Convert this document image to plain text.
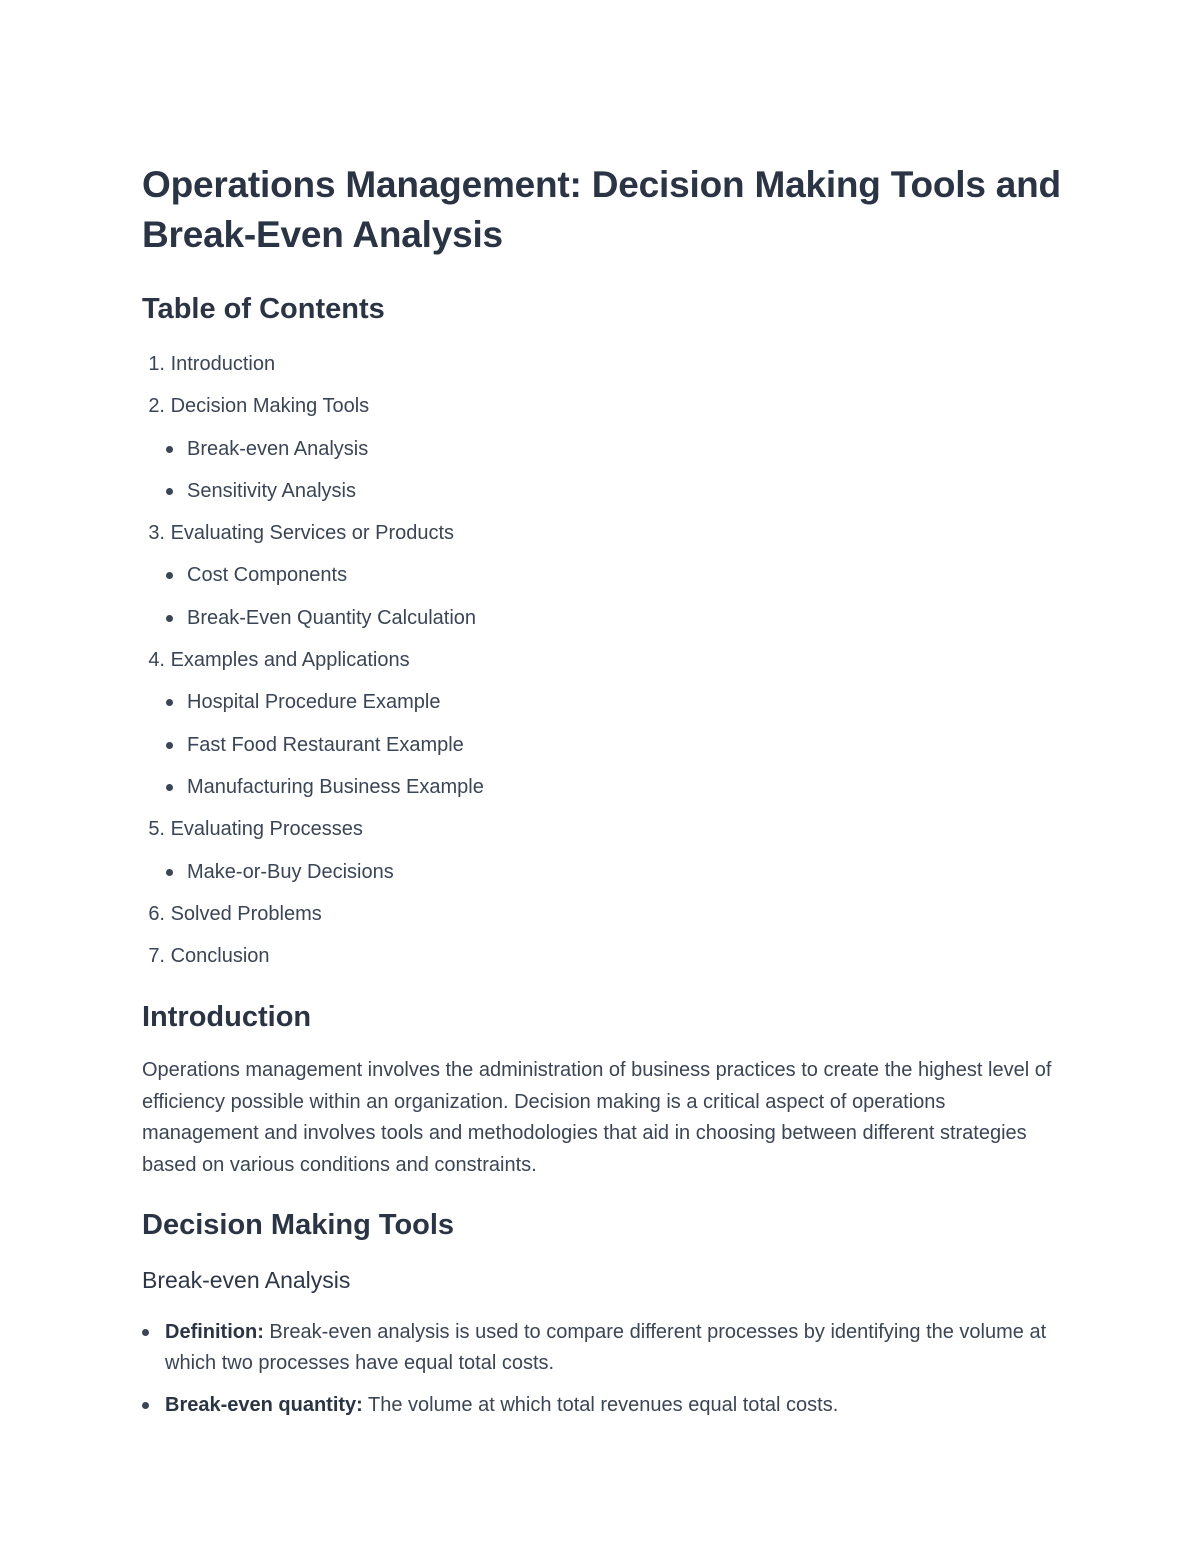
Operations Management: Decision Making Tools and Break-Even Analysis
Table of Contents
1.
Introduction
2.
Decision Making Tools
Break-even Analysis
Sensitivity Analysis
3.
Evaluating Services or Products
Cost Components
Break-Even Quantity Calculation
4.
Examples and Applications
Hospital Procedure Example
Fast Food Restaurant Example
Manufacturing Business Example
5.
Evaluating Processes
Make-or-Buy Decisions
6.
Solved Problems
7.
Conclusion
Introduction

Operations management involves the administration of business practices to create the highest level of efficiency possible within an organization. Decision making is a critical aspect of operations management and involves tools and methodologies that aid in choosing between different strategies based on various conditions and constraints.

Decision Making Tools
Break-even Analysis
Definition: Break-even analysis is used to compare different processes by identifying the volume at which two processes have equal total costs.
Break-even quantity: The volume at which total revenues equal total costs.
